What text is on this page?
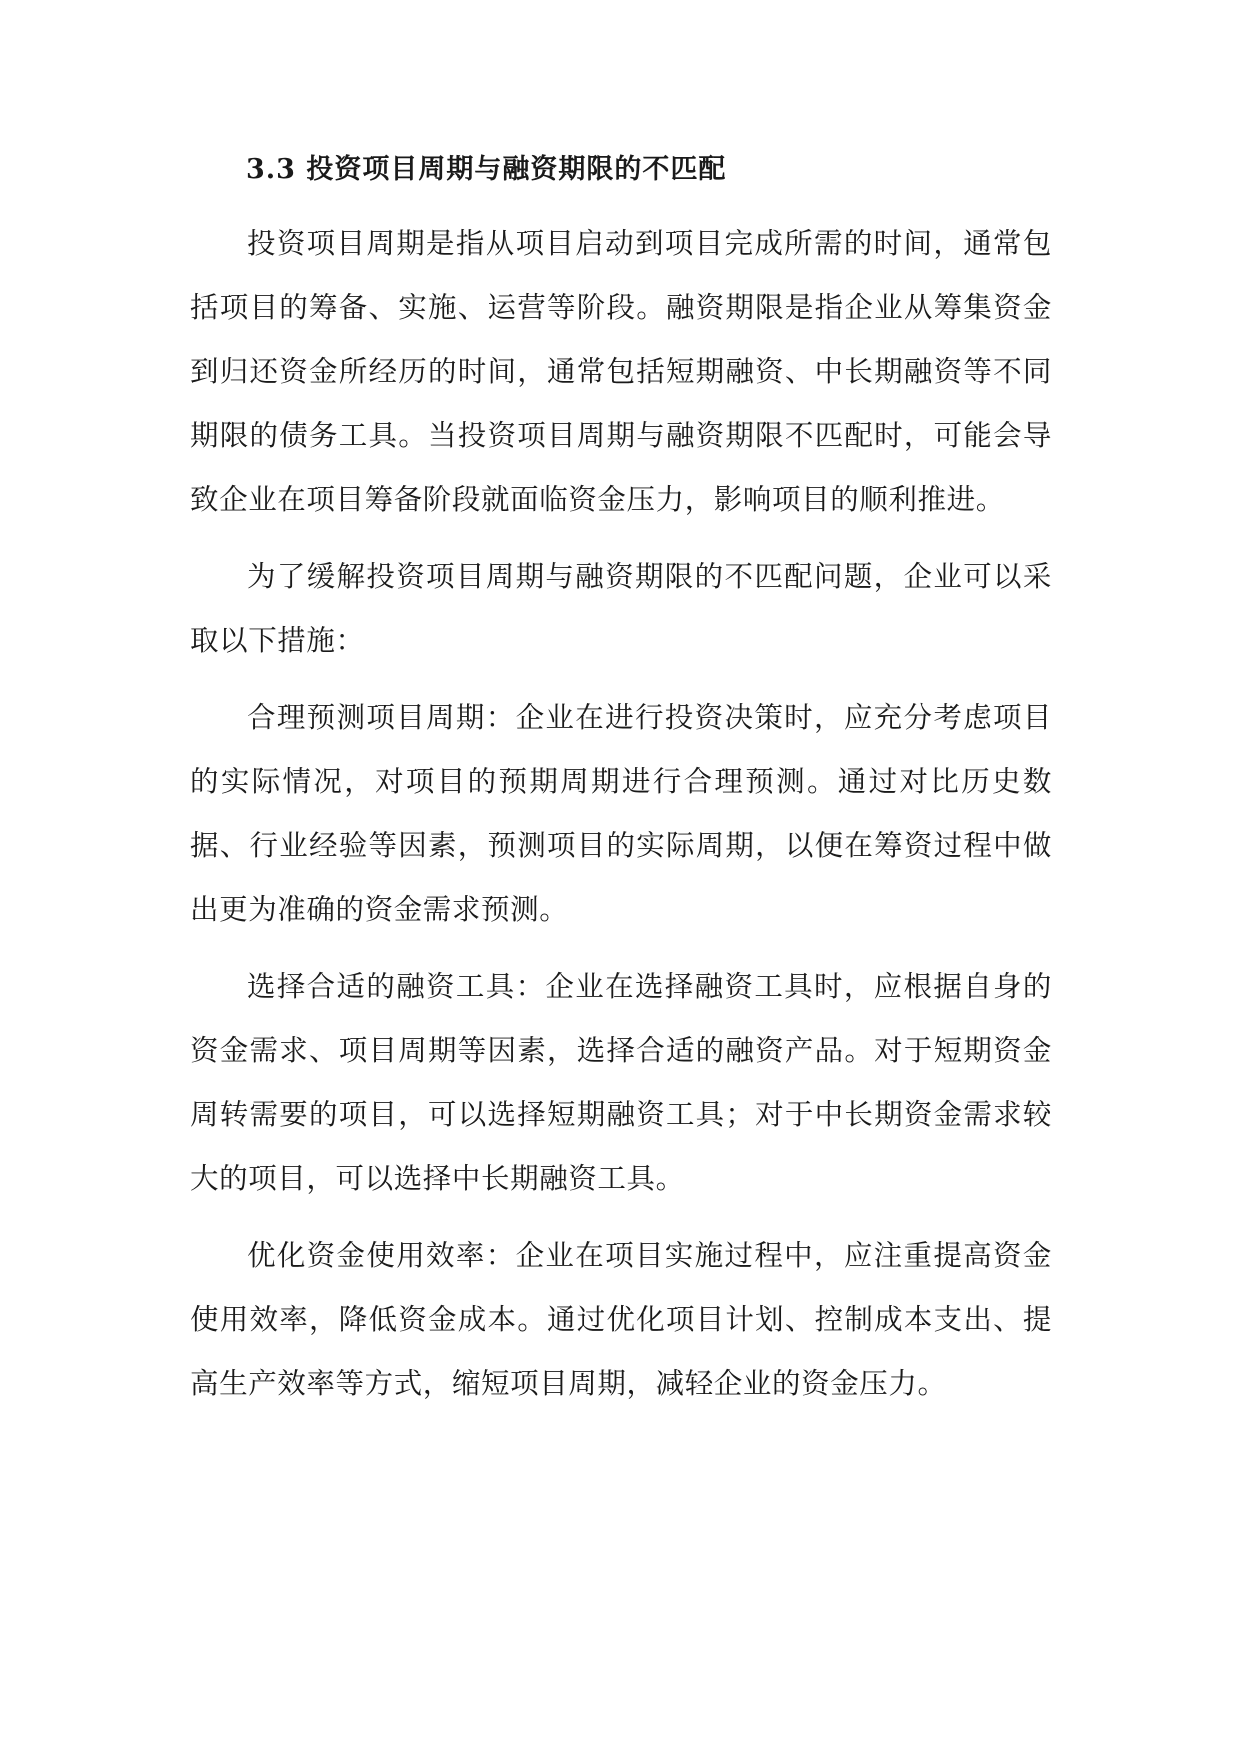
3.3 投资项目周期与融资期限的不匹配

投资项目周期是指从项目启动到项目完成所需的时间，通常包括项目的筹备、实施、运营等阶段。融资期限是指企业从筹集资金到归还资金所经历的时间，通常包括短期融资、中长期融资等不同期限的债务工具。当投资项目周期与融资期限不匹配时，可能会导致企业在项目筹备阶段就面临资金压力，影响项目的顺利推进。

为了缓解投资项目周期与融资期限的不匹配问题，企业可以采取以下措施：

合理预测项目周期：企业在进行投资决策时，应充分考虑项目的实际情况，对项目的预期周期进行合理预测。通过对比历史数据、行业经验等因素，预测项目的实际周期，以便在筹资过程中做出更为准确的资金需求预测。

选择合适的融资工具：企业在选择融资工具时，应根据自身的资金需求、项目周期等因素，选择合适的融资产品。对于短期资金周转需要的项目，可以选择短期融资工具；对于中长期资金需求较大的项目，可以选择中长期融资工具。

优化资金使用效率：企业在项目实施过程中，应注重提高资金使用效率，降低资金成本。通过优化项目计划、控制成本支出、提高生产效率等方式，缩短项目周期，减轻企业的资金压力。
